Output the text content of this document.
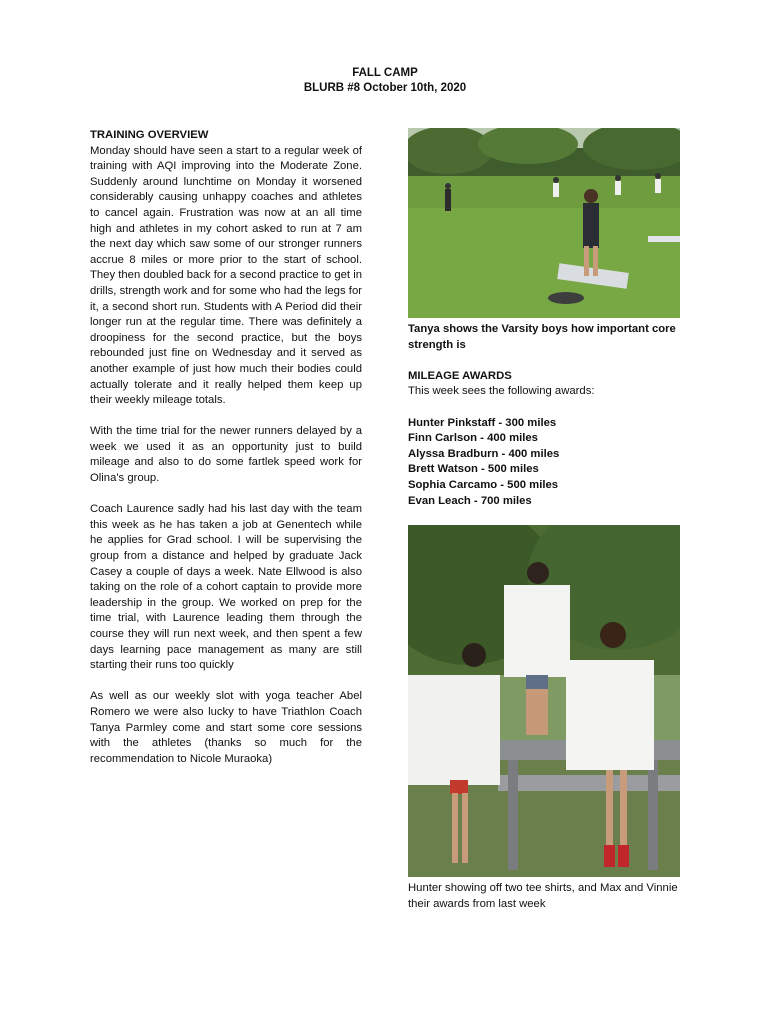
FALL CAMP
BLURB #8 October 10th, 2020

TRAINING OVERVIEW

Monday should have seen a start to a regular week of training with AQI improving into the Moderate Zone. Suddenly around lunchtime on Monday it worsened considerably causing unhappy coaches and athletes to cancel again. Frustration was now at an all time high and athletes in my cohort asked to run at 7 am the next day which saw some of our stronger runners accrue 8 miles or more prior to the start of school. They then doubled back for a second practice to get in drills, strength work and for some who had the legs for it, a second short run. Students with A Period did their longer run at the regular time. There was definitely a droopiness for the second practice, but the boys rebounded just fine on Wednesday and it served as another example of just how much their bodies could actually tolerate and it really helped them keep up their weekly mileage totals.

With the time trial for the newer runners delayed by a week we used it as an opportunity just to build mileage and also to do some fartlek speed work for Olina's group.

Coach Laurence sadly had his last day with the team this week as he has taken a job at Genentech while he applies for Grad school. I will be supervising the group from a distance and helped by graduate Jack Casey a couple of days a week. Nate Ellwood is also taking on the role of a cohort captain to provide more leadership in the group. We worked on prep for the time trial, with Laurence leading them through the course they will run next week, and then spent a few days learning pace management as many are still starting their runs too quickly

As well as our weekly slot with yoga teacher Abel Romero we were also lucky to have Triathlon Coach Tanya Parmley come and start some core sessions with the athletes (thanks so much for the recommendation to Nicole Muraoka)

Tanya shows the Varsity boys how important core strength is

MILEAGE AWARDS

This week sees the following awards:

Hunter Pinkstaff - 300 miles
Finn Carlson - 400 miles
Alyssa Bradburn - 400 miles
Brett Watson - 500 miles
Sophia Carcamo - 500 miles
Evan Leach - 700 miles

Hunter showing off two tee shirts, and Max and Vinnie their awards from last week
